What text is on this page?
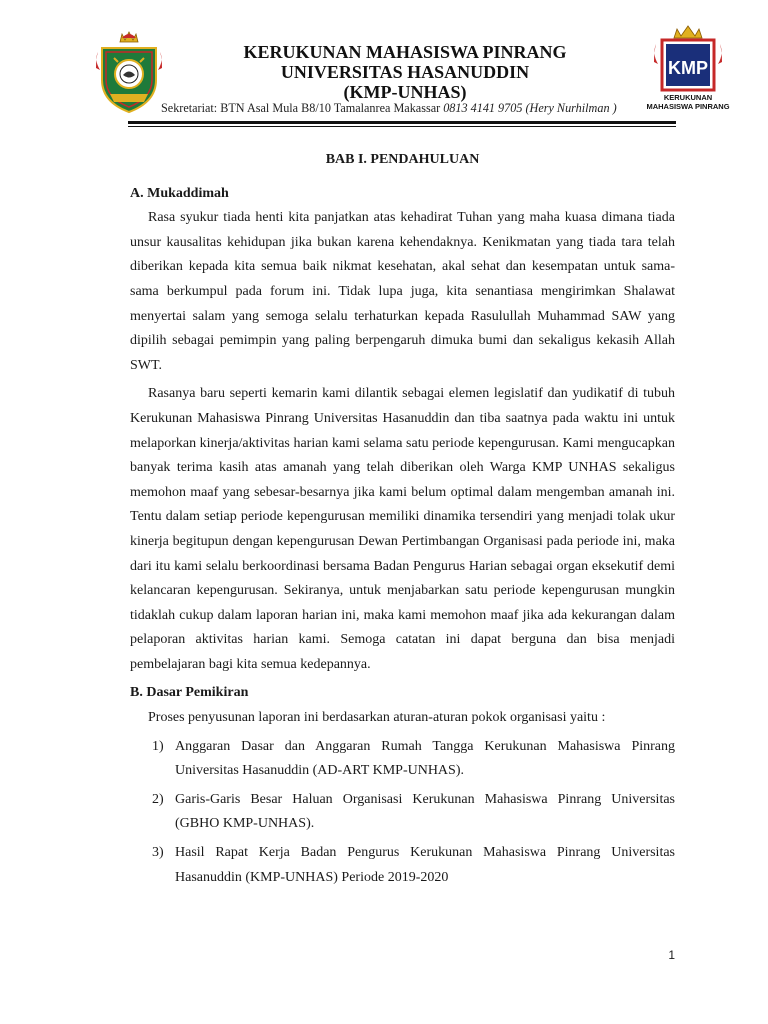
KERUKUNAN MAHASISWA PINRANG
UNIVERSITAS HASANUDDIN
(KMP-UNHAS)
Sekretariat: BTN Asal Mula B8/10 Tamalanrea Makassar 0813 4141 9705 (Hery Nurhilman )
KMP
KERUKUNAN
MAHASISWA PINRANG
BAB I. PENDAHULUAN
A. Mukaddimah

Rasa syukur tiada henti kita panjatkan atas kehadirat Tuhan yang maha kuasa dimana tiada unsur kausalitas kehidupan jika bukan karena kehendaknya. Kenikmatan yang tiada tara telah diberikan kepada kita semua baik nikmat kesehatan, akal sehat dan kesempatan untuk sama-sama berkumpul pada forum ini. Tidak lupa juga, kita senantiasa mengirimkan Shalawat menyertai salam yang semoga selalu terhaturkan kepada Rasulullah Muhammad SAW yang dipilih sebagai pemimpin yang paling berpengaruh dimuka bumi dan sekaligus kekasih Allah SWT.

Rasanya baru seperti kemarin kami dilantik sebagai elemen legislatif dan yudikatif di tubuh Kerukunan Mahasiswa Pinrang Universitas Hasanuddin dan tiba saatnya pada waktu ini untuk melaporkan kinerja/aktivitas harian kami selama satu periode kepengurusan. Kami mengucapkan banyak terima kasih atas amanah yang telah diberikan oleh Warga KMP UNHAS sekaligus memohon maaf yang sebesar-besarnya jika kami belum optimal dalam mengemban amanah ini. Tentu dalam setiap periode kepengurusan memiliki dinamika tersendiri yang menjadi tolak ukur kinerja begitupun dengan kepengurusan Dewan Pertimbangan Organisasi pada periode ini, maka dari itu kami selalu berkoordinasi bersama Badan Pengurus Harian sebagai organ eksekutif demi kelancaran kepengurusan. Sekiranya, untuk menjabarkan satu periode kepengurusan mungkin tidaklah cukup dalam laporan harian ini, maka kami memohon maaf jika ada kekurangan dalam pelaporan aktivitas harian kami. Semoga catatan ini dapat berguna dan bisa menjadi pembelajaran bagi kita semua kedepannya.

B. Dasar Pemikiran

Proses penyusunan laporan ini berdasarkan aturan-aturan pokok organisasi yaitu :

1) Anggaran Dasar dan Anggaran Rumah Tangga Kerukunan Mahasiswa Pinrang Universitas Hasanuddin (AD-ART KMP-UNHAS).
2) Garis-Garis Besar Haluan Organisasi Kerukunan Mahasiswa Pinrang Universitas (GBHO KMP-UNHAS).
3) Hasil Rapat Kerja Badan Pengurus Kerukunan Mahasiswa Pinrang Universitas Hasanuddin (KMP-UNHAS) Periode 2019-2020
1
